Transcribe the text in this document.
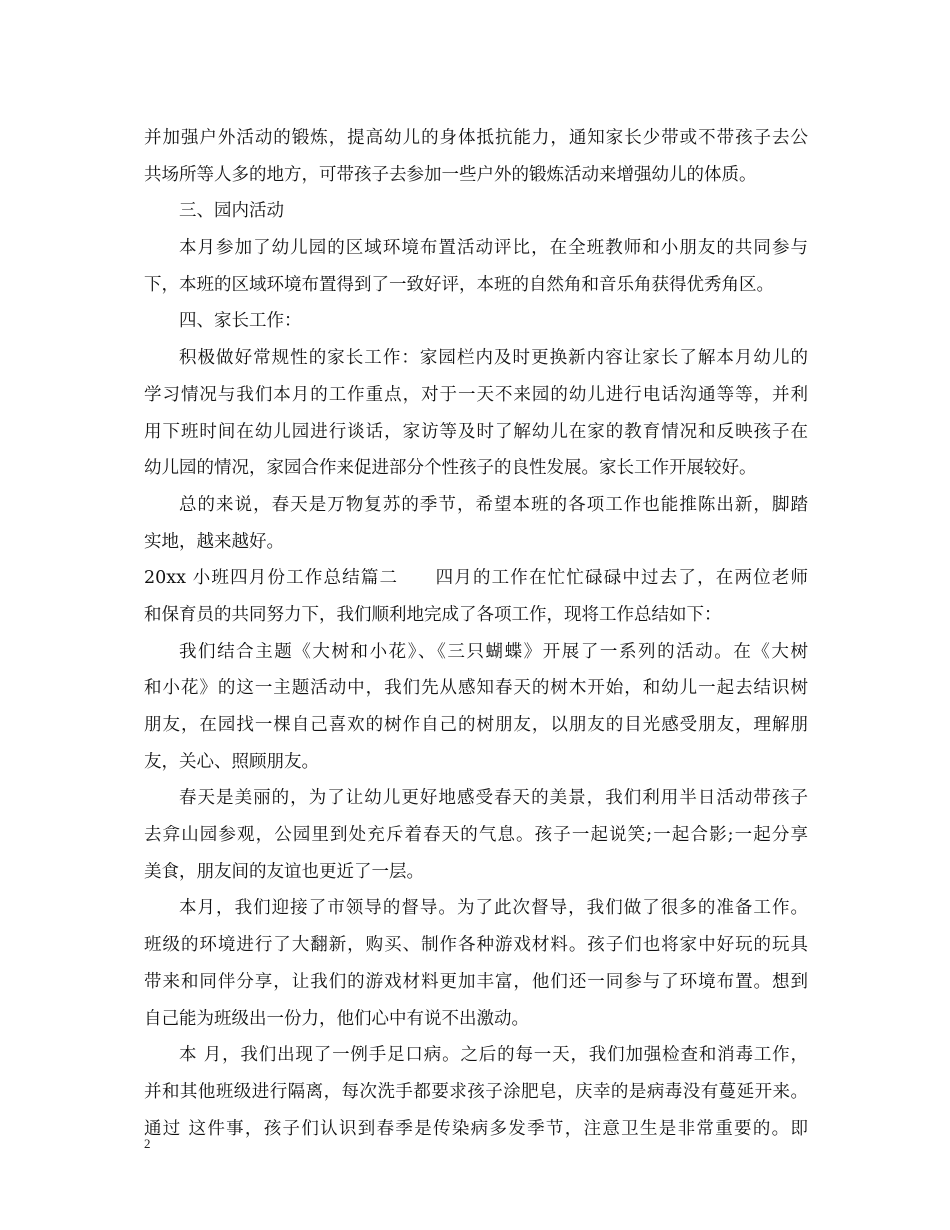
并加强户外活动的锻炼，提高幼儿的身体抵抗能力，通知家长少带或不带孩子去公
共场所等人多的地方，可带孩子去参加一些户外的锻炼活动来增强幼儿的体质。
三、园内活动
本月参加了幼儿园的区域环境布置活动评比，在全班教师和小朋友的共同参与
下，本班的区域环境布置得到了一致好评，本班的自然角和音乐角获得优秀角区。
四、家长工作：
积极做好常规性的家长工作：家园栏内及时更换新内容让家长了解本月幼儿的
学习情况与我们本月的工作重点，对于一天不来园的幼儿进行电话沟通等等，并利
用下班时间在幼儿园进行谈话，家访等及时了解幼儿在家的教育情况和反映孩子在
幼儿园的情况，家园合作来促进部分个性孩子的良性发展。家长工作开展较好。
总的来说，春天是万物复苏的季节，希望本班的各项工作也能推陈出新，脚踏
实地，越来越好。
20xx 小班四月份工作总结篇二　　四月的工作在忙忙碌碌中过去了，在两位老师
和保育员的共同努力下，我们顺利地完成了各项工作，现将工作总结如下：
我们结合主题《大树和小花》、《三只蝴蝶》开展了一系列的活动。在《大树
和小花》的这一主题活动中，我们先从感知春天的树木开始，和幼儿一起去结识树
朋友，在园找一棵自己喜欢的树作自己的树朋友，以朋友的目光感受朋友，理解朋
友，关心、照顾朋友。
春天是美丽的，为了让幼儿更好地感受春天的美景，我们利用半日活动带孩子
去弇山园参观，公园里到处充斥着春天的气息。孩子一起说笑;一起合影;一起分享
美食，朋友间的友谊也更近了一层。
本月，我们迎接了市领导的督导。为了此次督导，我们做了很多的准备工作。
班级的环境进行了大翻新，购买、制作各种游戏材料。孩子们也将家中好玩的玩具
带来和同伴分享，让我们的游戏材料更加丰富，他们还一同参与了环境布置。想到
自己能为班级出一份力，他们心中有说不出激动。
本 月，我们出现了一例手足口病。之后的每一天，我们加强检查和消毒工作，
并和其他班级进行隔离，每次洗手都要求孩子涂肥皂，庆幸的是病毒没有蔓延开来。
通过 这件事，孩子们认识到春季是传染病多发季节，注意卫生是非常重要的。即
2
